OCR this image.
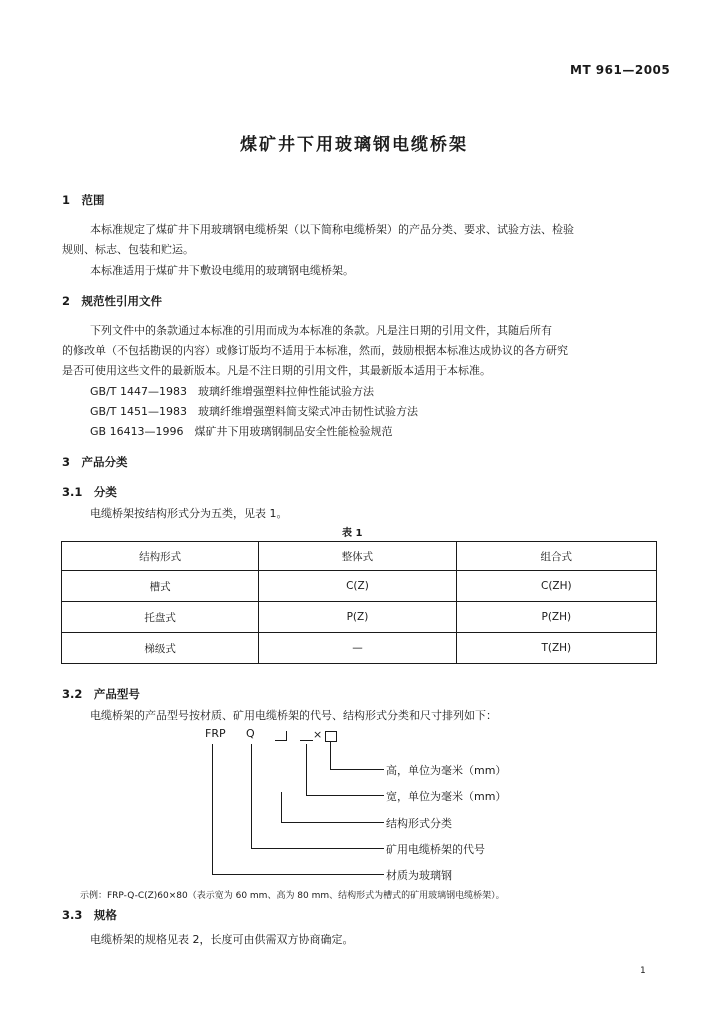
MT 961—2005
煤矿井下用玻璃钢电缆桥架
1　范围
本标准规定了煤矿井下用玻璃钢电缆桥架（以下简称电缆桥架）的产品分类、要求、试验方法、检验
规则、标志、包装和贮运。
本标准适用于煤矿井下敷设电缆用的玻璃钢电缆桥架。
2　规范性引用文件
下列文件中的条款通过本标准的引用而成为本标准的条款。凡是注日期的引用文件，其随后所有
的修改单（不包括勘误的内容）或修订版均不适用于本标准，然而，鼓励根据本标准达成协议的各方研究
是否可使用这些文件的最新版本。凡是不注日期的引用文件，其最新版本适用于本标准。
GB/T 1447—1983　玻璃纤维增强塑料拉伸性能试验方法
GB/T 1451—1983　玻璃纤维增强塑料简支梁式冲击韧性试验方法
GB 16413—1996　煤矿井下用玻璃钢制品安全性能检验规范
3　产品分类
3.1　分类
电缆桥架按结构形式分为五类，见表 1。
表 1
结构形式	整体式	组合式
槽式	C(Z)	C(ZH)
托盘式	P(Z)	P(ZH)
梯级式	—	T(ZH)
3.2　产品型号
电缆桥架的产品型号按材质、矿用电缆桥架的代号、结构形式分类和尺寸排列如下：
FRP Q	×
高，单位为毫米（mm）
宽，单位为毫米（mm）
结构形式分类
矿用电缆桥架的代号
材质为玻璃钢
示例：FRP-Q-C(Z)60×80（表示宽为 60 mm、高为 80 mm、结构形式为槽式的矿用玻璃钢电缆桥架）。
3.3　规格
电缆桥架的规格见表 2，长度可由供需双方协商确定。
1
